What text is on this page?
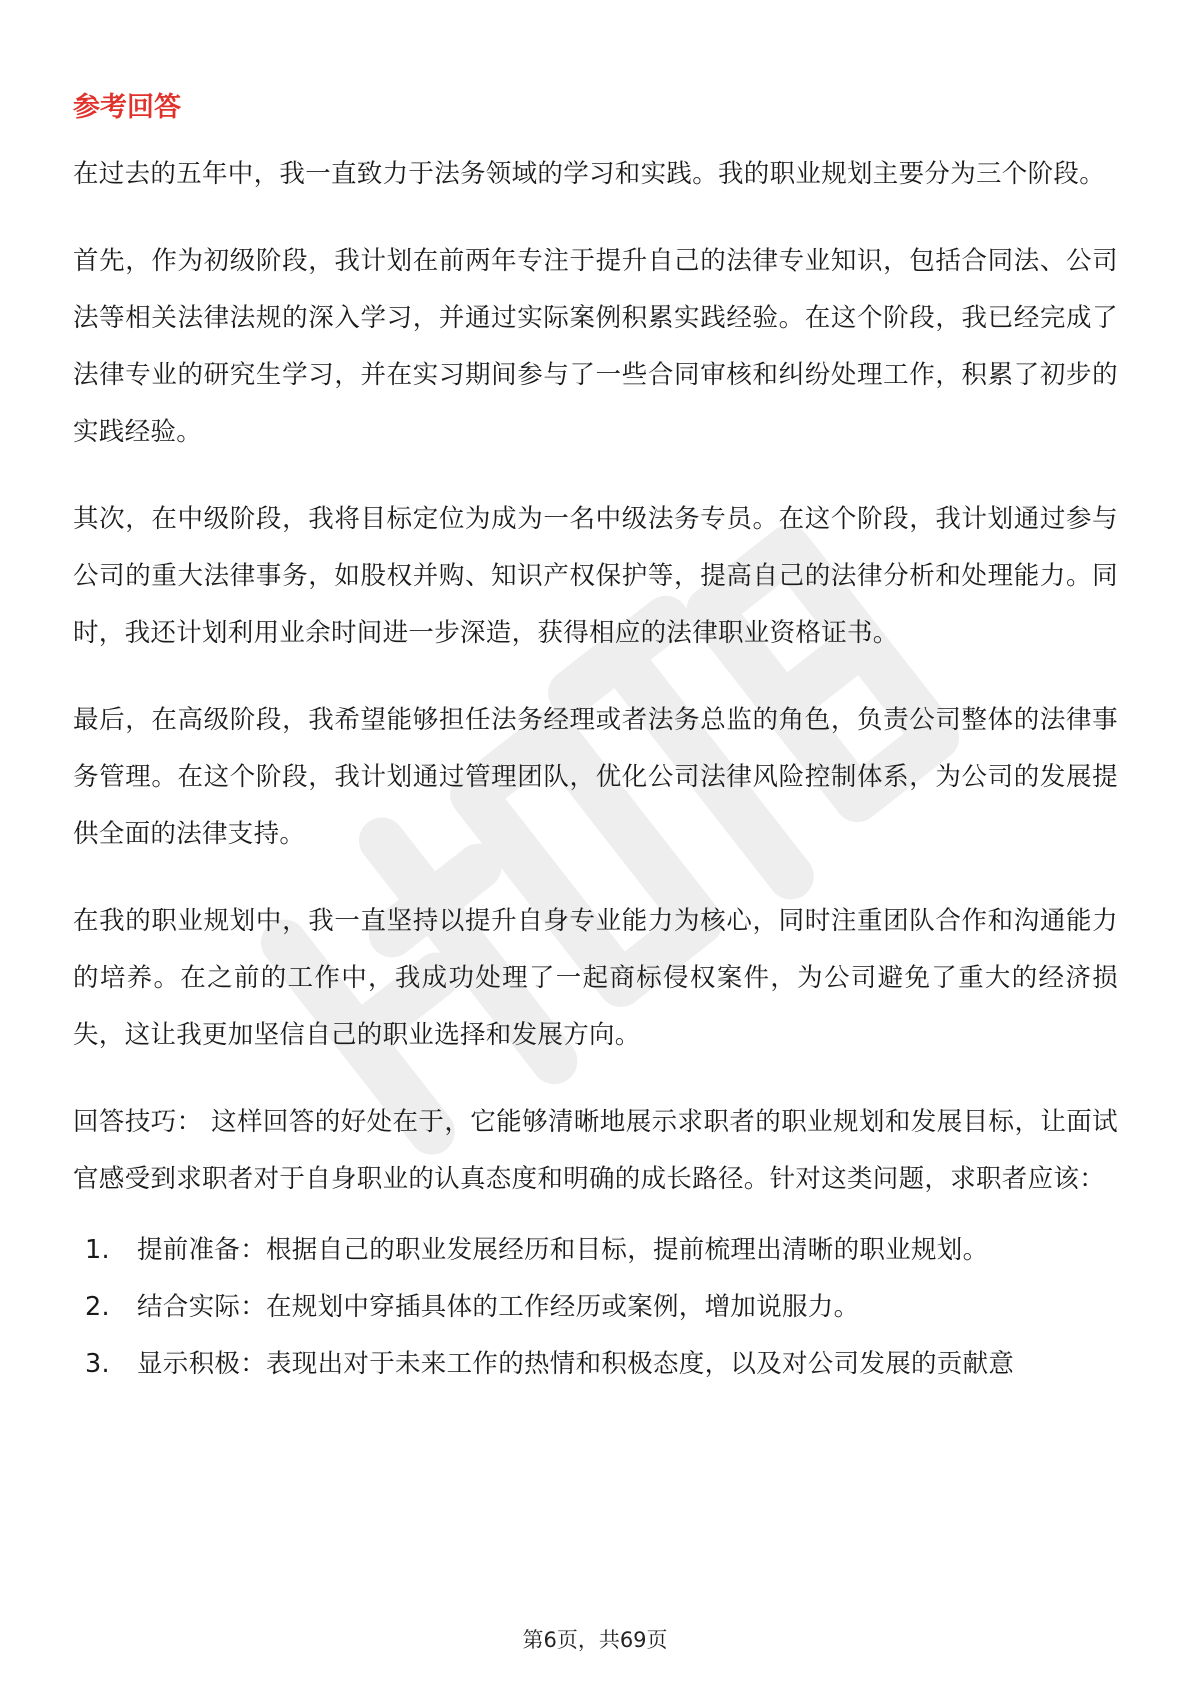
参考回答

在过去的五年中，我一直致力于法务领域的学习和实践。我的职业规划主要分为三个阶段。

首先，作为初级阶段，我计划在前两年专注于提升自己的法律专业知识，包括合同法、公司法等相关法律法规的深入学习，并通过实际案例积累实践经验。在这个阶段，我已经完成了法律专业的研究生学习，并在实习期间参与了一些合同审核和纠纷处理工作，积累了初步的实践经验。

其次，在中级阶段，我将目标定位为成为一名中级法务专员。在这个阶段，我计划通过参与公司的重大法律事务，如股权并购、知识产权保护等，提高自己的法律分析和处理能力。同时，我还计划利用业余时间进一步深造，获得相应的法律职业资格证书。

最后，在高级阶段，我希望能够担任法务经理或者法务总监的角色，负责公司整体的法律事务管理。在这个阶段，我计划通过管理团队，优化公司法律风险控制体系，为公司的发展提供全面的法律支持。

在我的职业规划中，我一直坚持以提升自身专业能力为核心，同时注重团队合作和沟通能力的培养。在之前的工作中，我成功处理了一起商标侵权案件，为公司避免了重大的经济损失，这让我更加坚信自己的职业选择和发展方向。

回答技巧： 这样回答的好处在于，它能够清晰地展示求职者的职业规划和发展目标，让面试官感受到求职者对于自身职业的认真态度和明确的成长路径。针对这类问题，求职者应该：

1. 提前准备：根据自己的职业发展经历和目标，提前梳理出清晰的职业规划。
2. 结合实际：在规划中穿插具体的工作经历或案例，增加说服力。
3. 显示积极：表现出对于未来工作的热情和积极态度，以及对公司发展的贡献意
第6页，共69页
